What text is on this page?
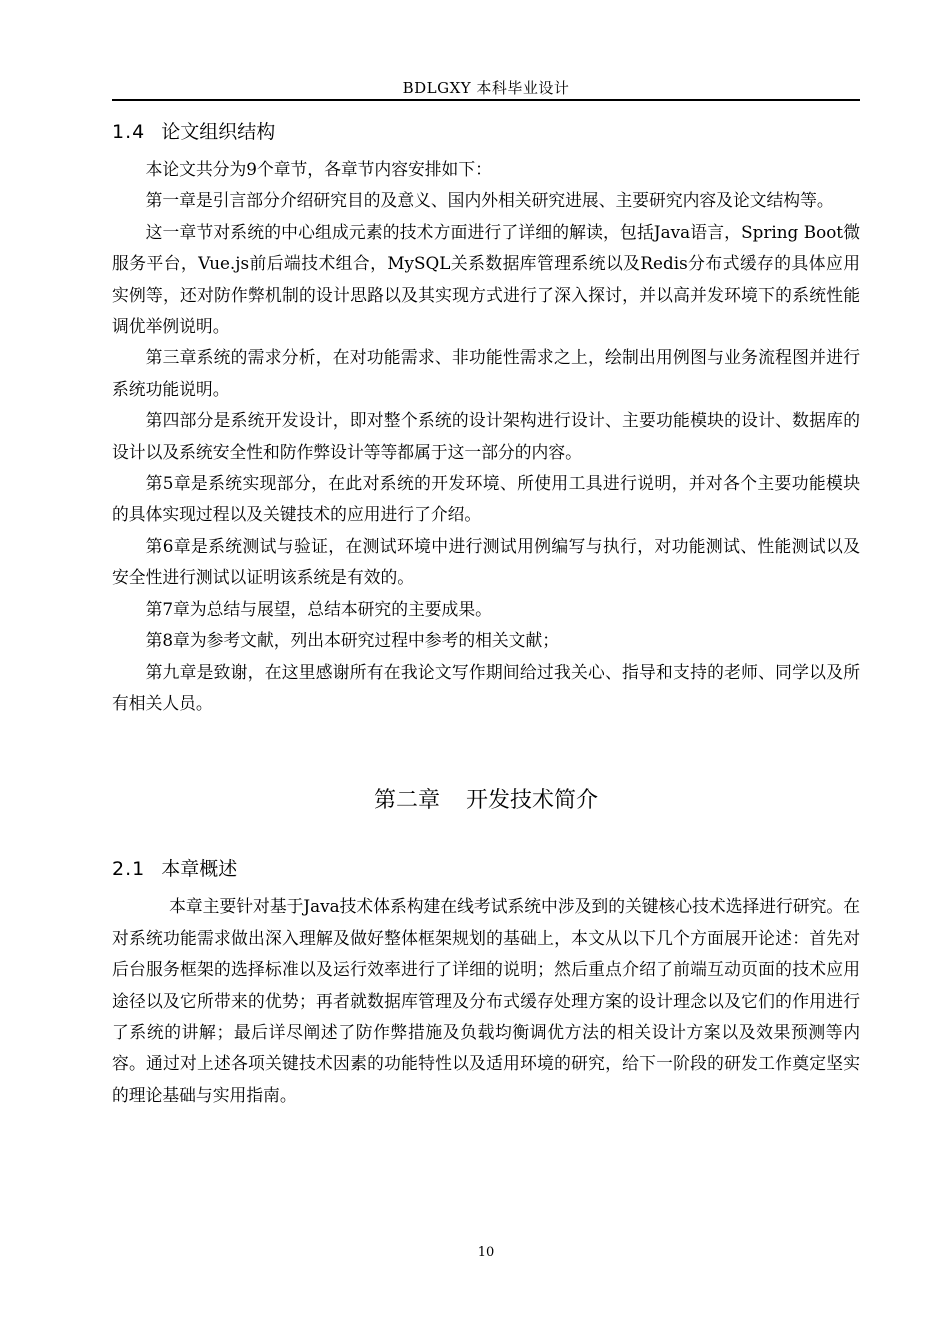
BDLGXY 本科毕业设计
1.4 论文组织结构

本论文共分为9个章节，各章节内容安排如下：

第一章是引言部分介绍研究目的及意义、国内外相关研究进展、主要研究内容及论文结构等。

这一章节对系统的中心组成元素的技术方面进行了详细的解读，包括Java语言，Spring Boot微服务平台，Vue.js前后端技术组合，MySQL关系数据库管理系统以及Redis分布式缓存的具体应用实例等，还对防作弊机制的设计思路以及其实现方式进行了深入探讨，并以高并发环境下的系统性能调优举例说明。

第三章系统的需求分析，在对功能需求、非功能性需求之上，绘制出用例图与业务流程图并进行系统功能说明。

第四部分是系统开发设计，即对整个系统的设计架构进行设计、主要功能模块的设计、数据库的设计以及系统安全性和防作弊设计等等都属于这一部分的内容。

第5章是系统实现部分，在此对系统的开发环境、所使用工具进行说明，并对各个主要功能模块的具体实现过程以及关键技术的应用进行了介绍。

第6章是系统测试与验证，在测试环境中进行测试用例编写与执行，对功能测试、性能测试以及安全性进行测试以证明该系统是有效的。

第7章为总结与展望，总结本研究的主要成果。

第8章为参考文献，列出本研究过程中参考的相关文献；

第九章是致谢，在这里感谢所有在我论文写作期间给过我关心、指导和支持的老师、同学以及所有相关人员。

第二章 开发技术简介
2.1 本章概述

本章主要针对基于Java技术体系构建在线考试系统中涉及到的关键核心技术选择进行研究。在对系统功能需求做出深入理解及做好整体框架规划的基础上，本文从以下几个方面展开论述：首先对后台服务框架的选择标准以及运行效率进行了详细的说明；然后重点介绍了前端互动页面的技术应用途径以及它所带来的优势；再者就数据库管理及分布式缓存处理方案的设计理念以及它们的作用进行了系统的讲解；最后详尽阐述了防作弊措施及负载均衡调优方法的相关设计方案以及效果预测等内容。通过对上述各项关键技术因素的功能特性以及适用环境的研究，给下一阶段的研发工作奠定坚实的理论基础与实用指南。

10
